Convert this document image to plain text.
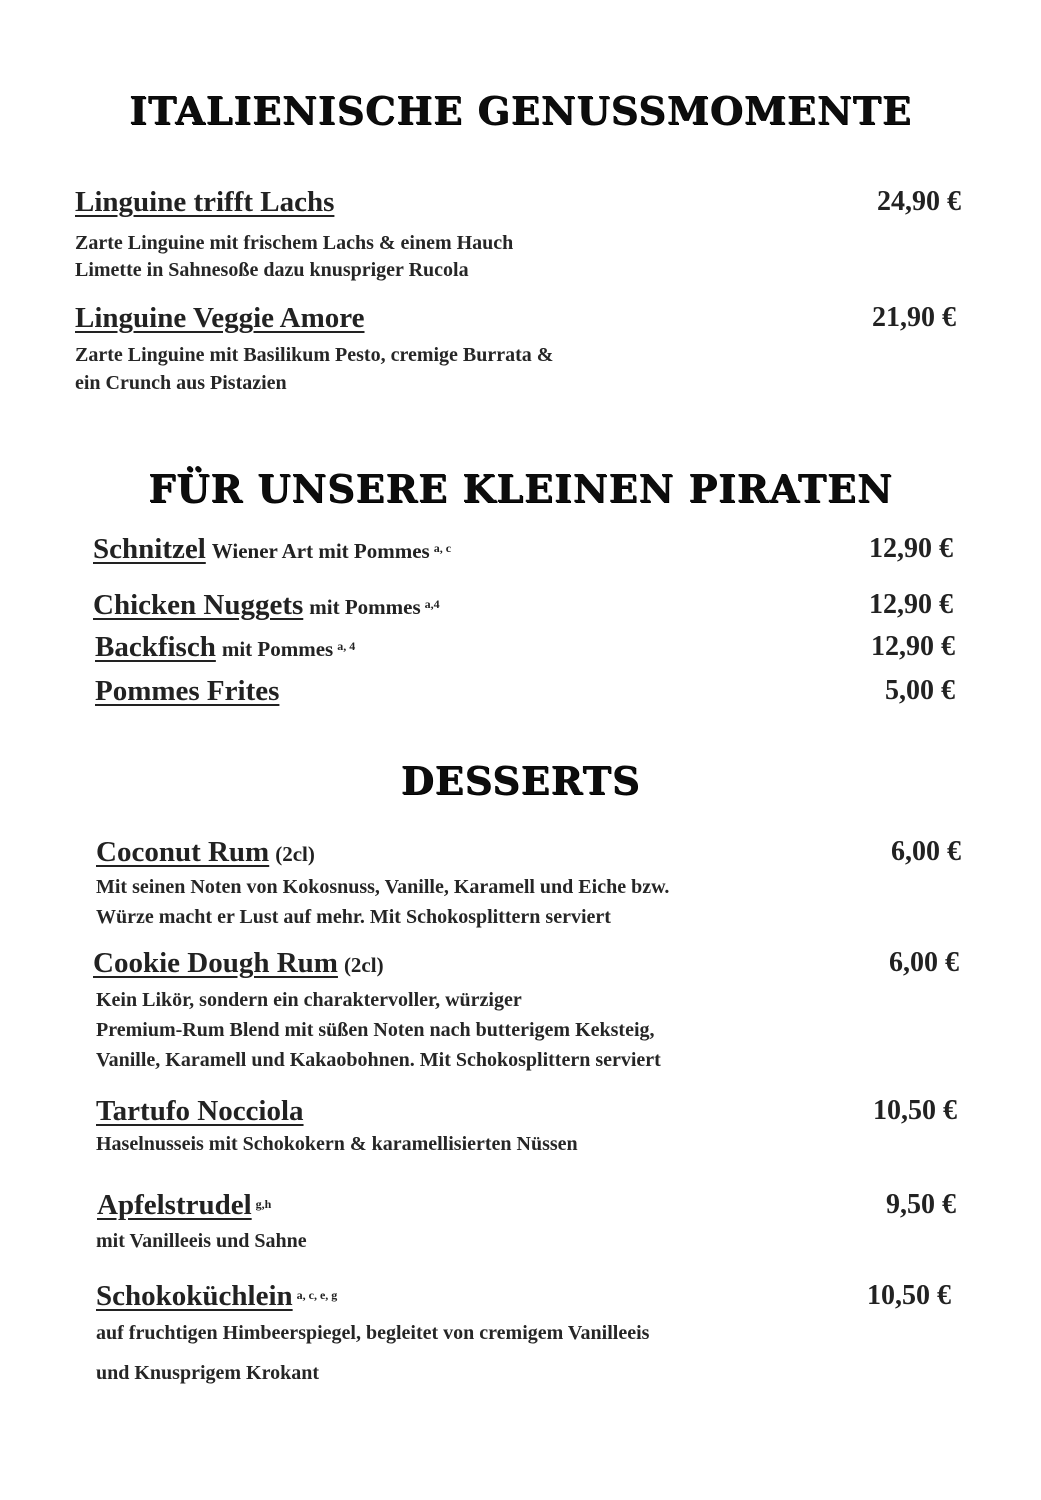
ITALIENISCHE GENUSSMOMENTE
Linguine trifft Lachs	24,90 €
Zarte Linguine mit frischem Lachs & einem Hauch
Limette in Sahnesoße dazu knuspriger Rucola
Linguine Veggie Amore	21,90 €
Zarte Linguine mit Basilikum Pesto, cremige Burrata &
ein Crunch aus Pistazien
FÜR UNSERE KLEINEN PIRATEN
Schnitzel Wiener Art mit Pommes $^{a, c}$	12,90 €
Chicken Nuggets mit Pommes $^{a,4}$	12,90 €
Backfisch mit Pommes $^{a, 4}$	12,90 €
Pommes Frites	5,00 €
DESSERTS
Coconut Rum (2cl)	6,00 €
Mit seinen Noten von Kokosnuss, Vanille, Karamell und Eiche bzw.
Würze macht er Lust auf mehr. Mit Schokosplittern serviert
Cookie Dough Rum (2cl)	6,00 €
Kein Likör, sondern ein charaktervoller, würziger
Premium-Rum Blend mit süßen Noten nach butterigem Keksteig,
Vanille, Karamell und Kakaobohnen. Mit Schokosplittern serviert
Tartufo Nocciola	10,50 €
Haselnusseis mit Schokokern & karamellisierten Nüssen
Apfelstrudel $^{g,h}$	9,50 €
mit Vanilleeis und Sahne
Schokoküchlein $^{a, c, e, g}$	10,50 €
auf fruchtigen Himbeerspiegel, begleitet von cremigem Vanilleeis
und Knusprigem Krokant
